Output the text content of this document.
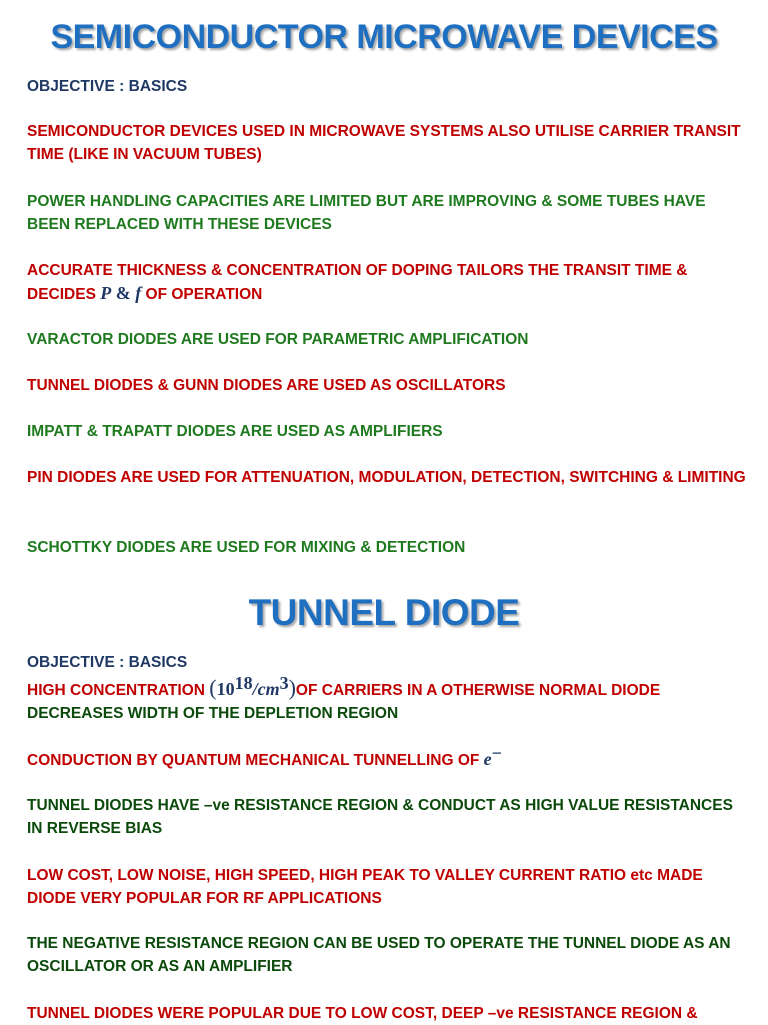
SEMICONDUCTOR MICROWAVE DEVICES

OBJECTIVE : BASICS

SEMICONDUCTOR DEVICES USED IN MICROWAVE SYSTEMS ALSO UTILISE CARRIER TRANSIT TIME (LIKE IN VACUUM TUBES)

POWER HANDLING CAPACITIES ARE LIMITED BUT ARE IMPROVING & SOME TUBES HAVE BEEN REPLACED WITH THESE DEVICES

ACCURATE THICKNESS & CONCENTRATION OF DOPING TAILORS THE TRANSIT TIME & DECIDES P & f OF OPERATION

VARACTOR DIODES ARE USED FOR PARAMETRIC AMPLIFICATION

TUNNEL DIODES & GUNN DIODES ARE USED AS OSCILLATORS

IMPATT & TRAPATT DIODES ARE USED AS AMPLIFIERS

PIN DIODES ARE USED FOR ATTENUATION, MODULATION, DETECTION, SWITCHING & LIMITING

SCHOTTKY DIODES ARE USED FOR MIXING & DETECTION

TUNNEL DIODE

OBJECTIVE : BASICS

HIGH CONCENTRATION $(10^{18}/cm^3)OF$ CARRIERS IN A OTHERWISE NORMAL DIODE

DECREASES WIDTH OF THE DEPLETION REGION

CONDUCTION BY QUANTUM MECHANICAL TUNNELLING OF e−

TUNNEL DIODES HAVE –ve RESISTANCE REGION & CONDUCT AS HIGH VALUE RESISTANCES IN REVERSE BIAS

LOW COST, LOW NOISE, HIGH SPEED, HIGH PEAK TO VALLEY CURRENT RATIO etc MADE DIODE VERY POPULAR FOR RF APPLICATIONS

THE NEGATIVE RESISTANCE REGION CAN BE USED TO OPERATE THE TUNNEL DIODE AS AN OSCILLATOR OR AS AN AMPLIFIER

TUNNEL DIODES WERE POPULAR DUE TO LOW COST, DEEP –ve RESISTANCE REGION &
